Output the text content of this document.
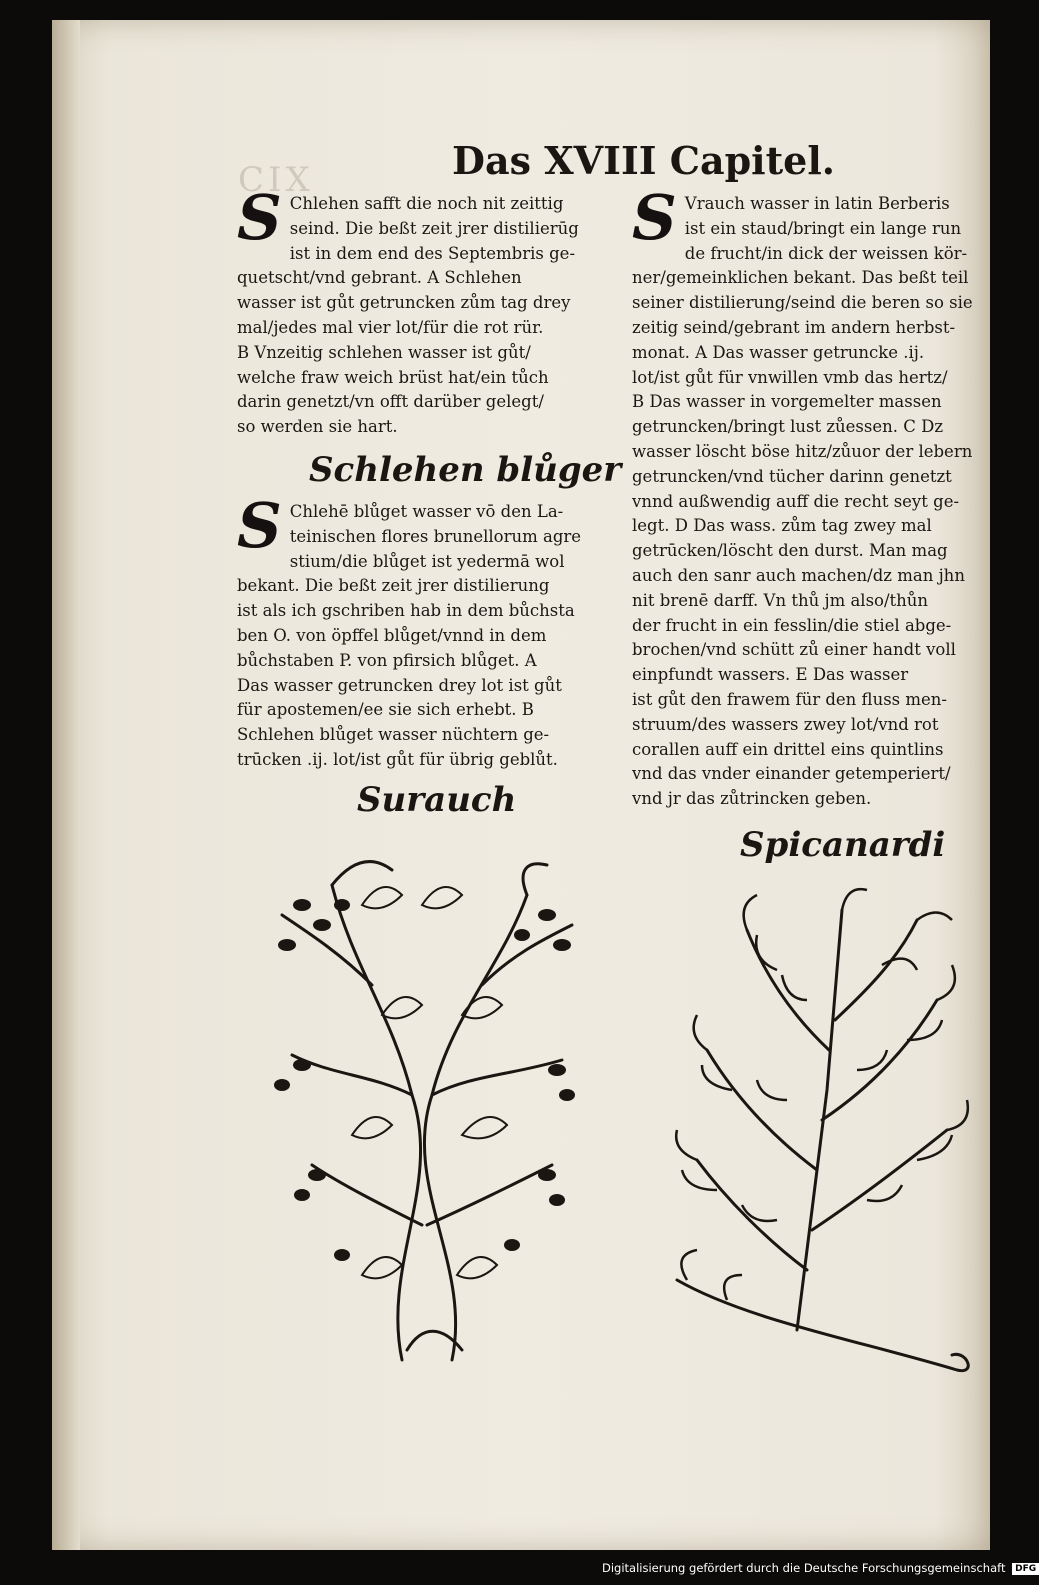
CIX	Das XVIII Capitel.
S Chlehen safft die noch nit zeittig

seind. Die beßt zeit jrer distilierūg

ist in dem end des Septembris ge-

quetscht/vnd gebrant. A Schlehen

wasser ist gůt getruncken zům tag drey

mal/jedes mal vier lot/für die rot rür.

B Vnzeitig schlehen wasser ist gůt/

welche fraw weich brüst hat/ein tůch

darin genetzt/vn offt darüber gelegt/

so werden sie hart.

Schlehen blůger
S Chlehē blůget wasser vō den La-

teinischen flores brunellorum agre

stium/die blůget ist yedermā wol

bekant. Die beßt zeit jrer distilierung

ist als ich gschriben hab in dem bůchsta

ben O. von öpffel blůget/vnnd in dem

bůchstaben P. von pfirsich blůget. A

Das wasser getruncken drey lot ist gůt

für apostemen/ee sie sich erhebt. B

Schlehen blůget wasser nüchtern ge-

trūcken .ij. lot/ist gůt für übrig geblůt.

Surauch
S Vrauch wasser in latin Berberis

ist ein staud/bringt ein lange run

de frucht/in dick der weissen kör-

ner/gemeinklichen bekant. Das beßt teil

seiner distilierung/seind die beren so sie

zeitig seind/gebrant im andern herbst-

monat. A Das wasser getruncke .ij.

lot/ist gůt für vnwillen vmb das hertz/

B Das wasser in vorgemelter massen

getruncken/bringt lust zůessen. C Dz

wasser löscht böse hitz/zůuor der lebern

getruncken/vnd tücher darinn genetzt

vnnd außwendig auff die recht seyt ge-

legt. D Das wass. zům tag zwey mal

getrūcken/löscht den durst. Man mag

auch den sanr auch machen/dz man jhn

nit brenē darff. Vn thů jm also/thůn

der frucht in ein fesslin/die stiel abge-

brochen/vnd schütt zů einer handt voll

einpfundt wassers. E Das wasser

ist gůt den frawem für den fluss men-

struum/des wassers zwey lot/vnd rot

corallen auff ein drittel eins quintlins

vnd das vnder einander getemperiert/

vnd jr das zůtrincken geben.

Spicanardi
Digitalisierung gefördert durch die Deutsche Forschungsgemeinschaft DFG
